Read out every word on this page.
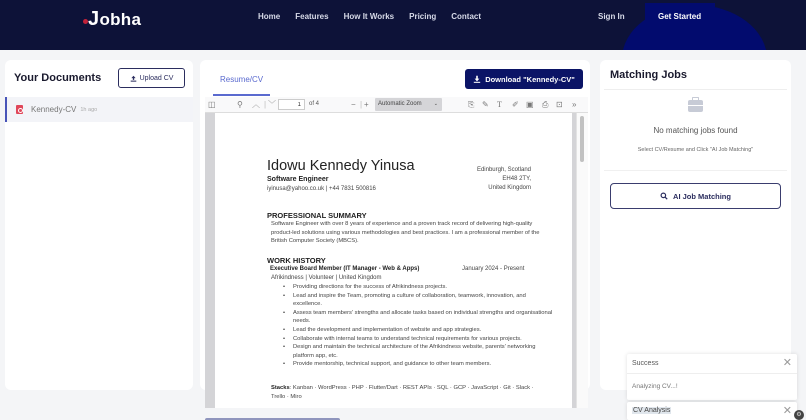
Jobha	Home Features How It Works Pricing Contact	Sign In	Get Started
Your Documents	Upload CV
Kennedy-CV 1h ago
Resume/CV	Download "Kennedy-CV"
◫	⚲ ︿ | ﹀	− | +	⎘ ✎ T ✐ ▣ ⎙ ⊡ »
1
of 4	Automatic Zoom ⌄
Idowu Kennedy Yinusa
Software Engineer
iyinusa@yahoo.co.uk | +44 7831 500816
Edinburgh, Scotland
EH48 2TY,
United Kingdom
PROFESSIONAL SUMMARY
Software Engineer with over 8 years of experience and a proven track record of delivering high-quality product-led solutions using various methodologies and best practices. I am a professional member of the British Computer Society (MBCS).
WORK HISTORY
Executive Board Member (IT Manager - Web & Apps)	January 2024 - Present
Afrikindness | Volunteer | United Kingdom
• Providing directions for the success of Afrikindness projects.
• Lead and inspire the Team, promoting a culture of collaboration, teamwork, innovation, and excellence.
• Assess team members' strengths and allocate tasks based on individual strengths and organisational needs.
• Lead the development and implementation of website and app strategies.
• Collaborate with internal teams to understand technical requirements for various projects.
• Design and maintain the technical architecture of the Afrikindness website, parents' networking platform app, etc.
• Provide mentorship, technical support, and guidance to other team members.
Stacks: Kanban · WordPress · PHP · Flutter/Dart · REST APIs · SQL · GCP · JavaScript · Git · Slack · Trello · Miro
Matching Jobs
No matching jobs found
Select CV/Resume and Click "AI Job Matching"
AI Job Matching
Success	✕
Analyzing CV...!
CV Analysis	✕ ⚙
